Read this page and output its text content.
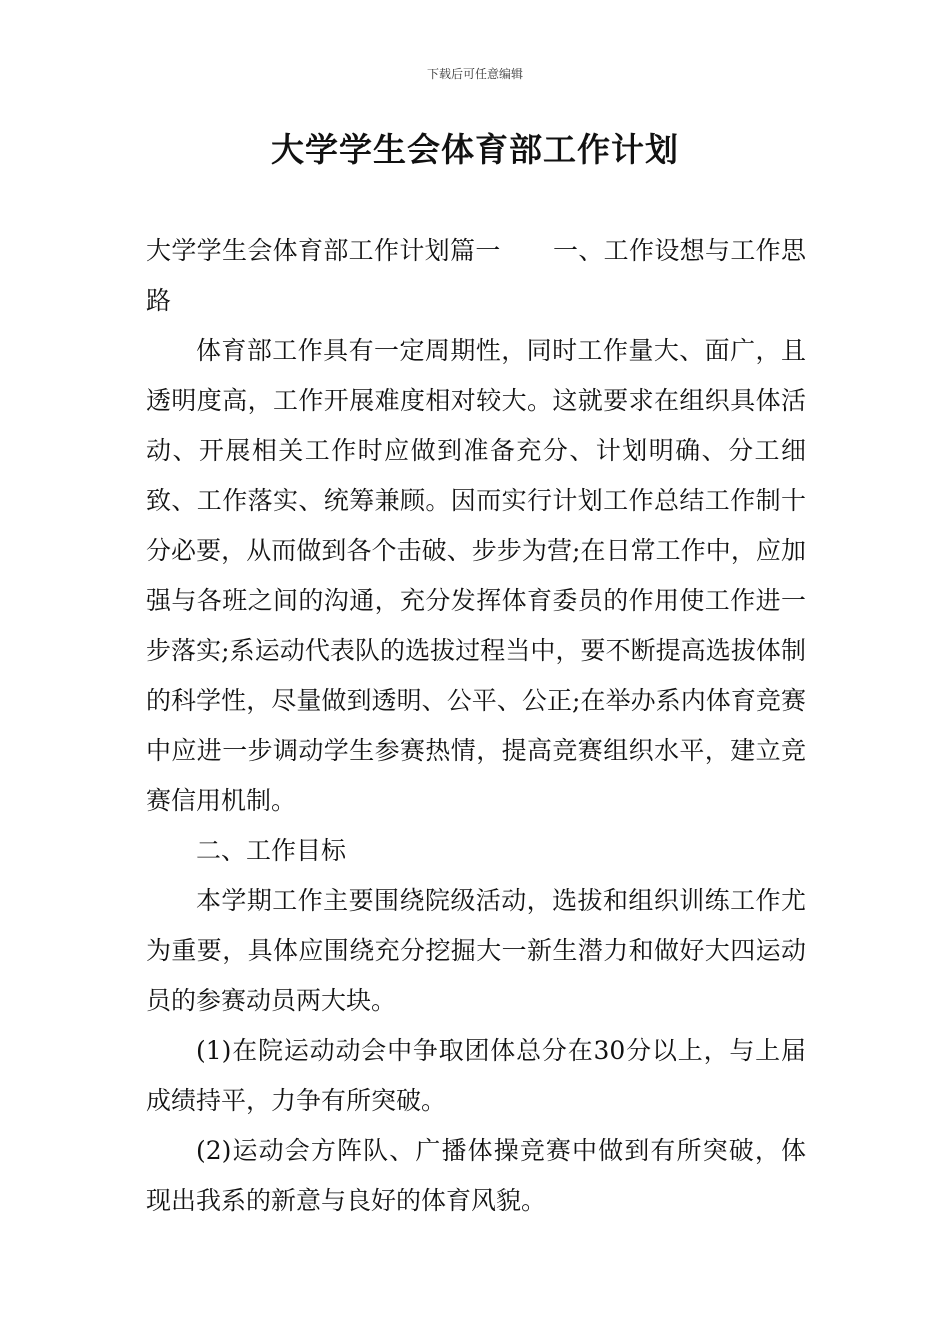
下载后可任意编辑
大学学生会体育部工作计划

大学学生会体育部工作计划篇一 一、工作设想与工作思路

体育部工作具有一定周期性，同时工作量大、面广，且透明度高，工作开展难度相对较大。这就要求在组织具体活动、开展相关工作时应做到准备充分、计划明确、分工细致、工作落实、统筹兼顾。因而实行计划工作总结工作制十分必要，从而做到各个击破、步步为营;在日常工作中，应加强与各班之间的沟通，充分发挥体育委员的作用使工作进一步落实;系运动代表队的选拔过程当中，要不断提高选拔体制的科学性，尽量做到透明、公平、公正;在举办系内体育竞赛中应进一步调动学生参赛热情，提高竞赛组织水平，建立竞赛信用机制。

二、工作目标

本学期工作主要围绕院级活动，选拔和组织训练工作尤为重要，具体应围绕充分挖掘大一新生潜力和做好大四运动员的参赛动员两大块。

(1)在院运动动会中争取团体总分在30分以上，与上届成绩持平，力争有所突破。

(2)运动会方阵队、广播体操竞赛中做到有所突破，体现出我系的新意与良好的体育风貌。
